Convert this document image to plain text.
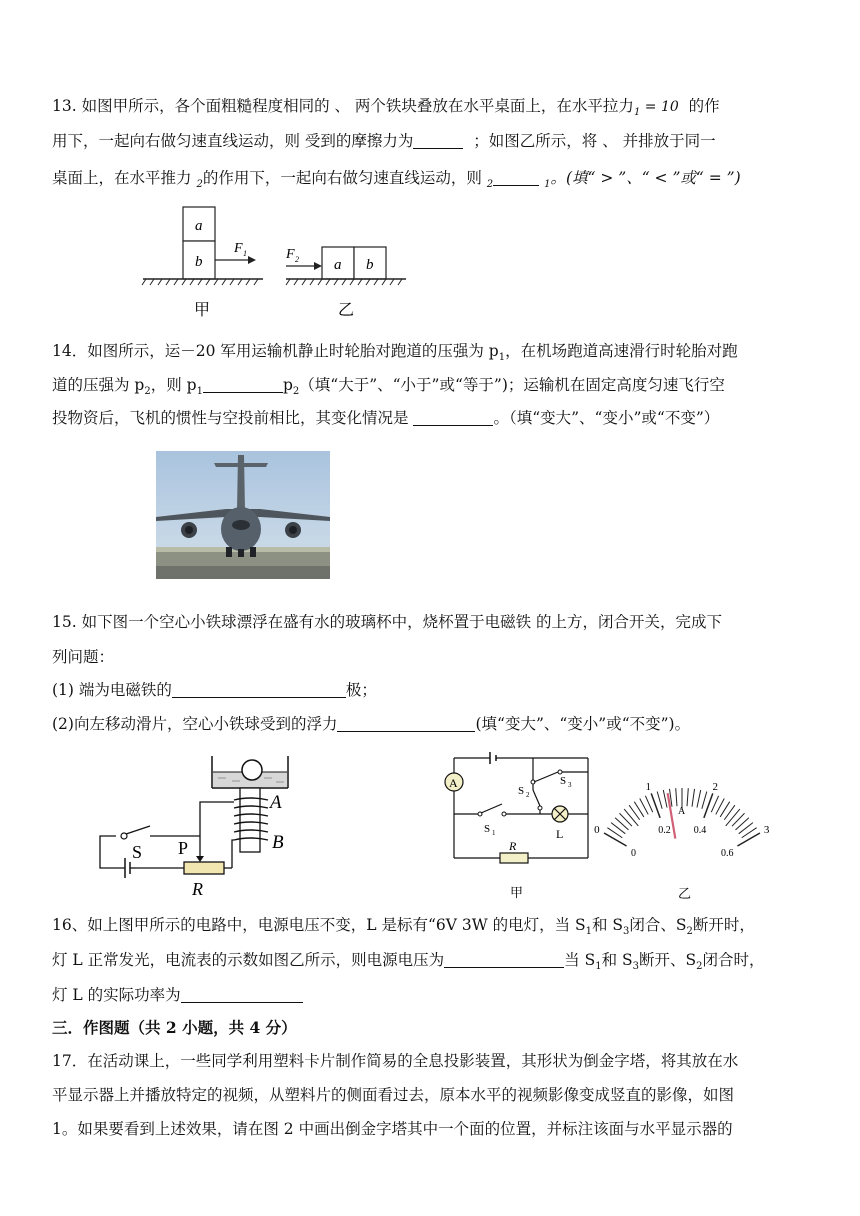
13. 如图甲所示，各个面粗糙程度相同的 、 两个铁块叠放在水平桌面上，在水平拉力$_1$ = 10 的作
用下，一起向右做匀速直线运动，则 受到的摩擦力为	；如图乙所示，将 、 并排放于同一
桌面上，在水平推力 $_2$的作用下，一起向右做匀速直线运动，则 $_2$	$_1$。(填“ > ”、“ < ”或“ = ”)
a
b
F 1
甲
a b
F 2
乙
14．如图所示，运－20 军用运输机静止时轮胎对跑道的压强为 $p_1$，在机场跑道高速滑行时轮胎对跑
道的压强为 $p_2$，则 $p_1$	$p_2$（填“大于”、“小于”或“等于”)；运输机在固定高度匀速飞行空
投物资后，飞机的惯性与空投前相比，其变化情况是	。（填“变大”、“变小”或“不变”）
15. 如下图一个空心小铁球漂浮在盛有水的玻璃杯中，烧杯置于电磁铁 的上方，闭合开关，完成下
列问题：
(1) 端为电磁铁的	极；
(2)向左移动滑片，空心小铁球受到的浮力	(填“变大”、“变小”或“不变”)。
A
B
P
R
S
A	S 3
S 2
S 1	L
R
甲
0
1	2
3
0
0.2 0.4
0.6
A
乙
16、如上图甲所示的电路中，电源电压不变，L 是标有“6V 3W 的电灯，当 $S_1$和 $S_3$闭合、$S_2$断开时，
灯 L 正常发光，电流表的示数如图乙所示，则电源电压为	当 $S_1$和 $S_3$断开、$S_2$闭合时，
灯 L 的实际功率为
三．作图题（共 2 小题，共 4 分）
17．在活动课上，一些同学利用塑料卡片制作简易的全息投影装置，其形状为倒金字塔，将其放在水
平显示器上并播放特定的视频，从塑料片的侧面看过去，原本水平的视频影像变成竖直的影像，如图
1。如果要看到上述效果，请在图 2 中画出倒金字塔其中一个面的位置，并标注该面与水平显示器的
